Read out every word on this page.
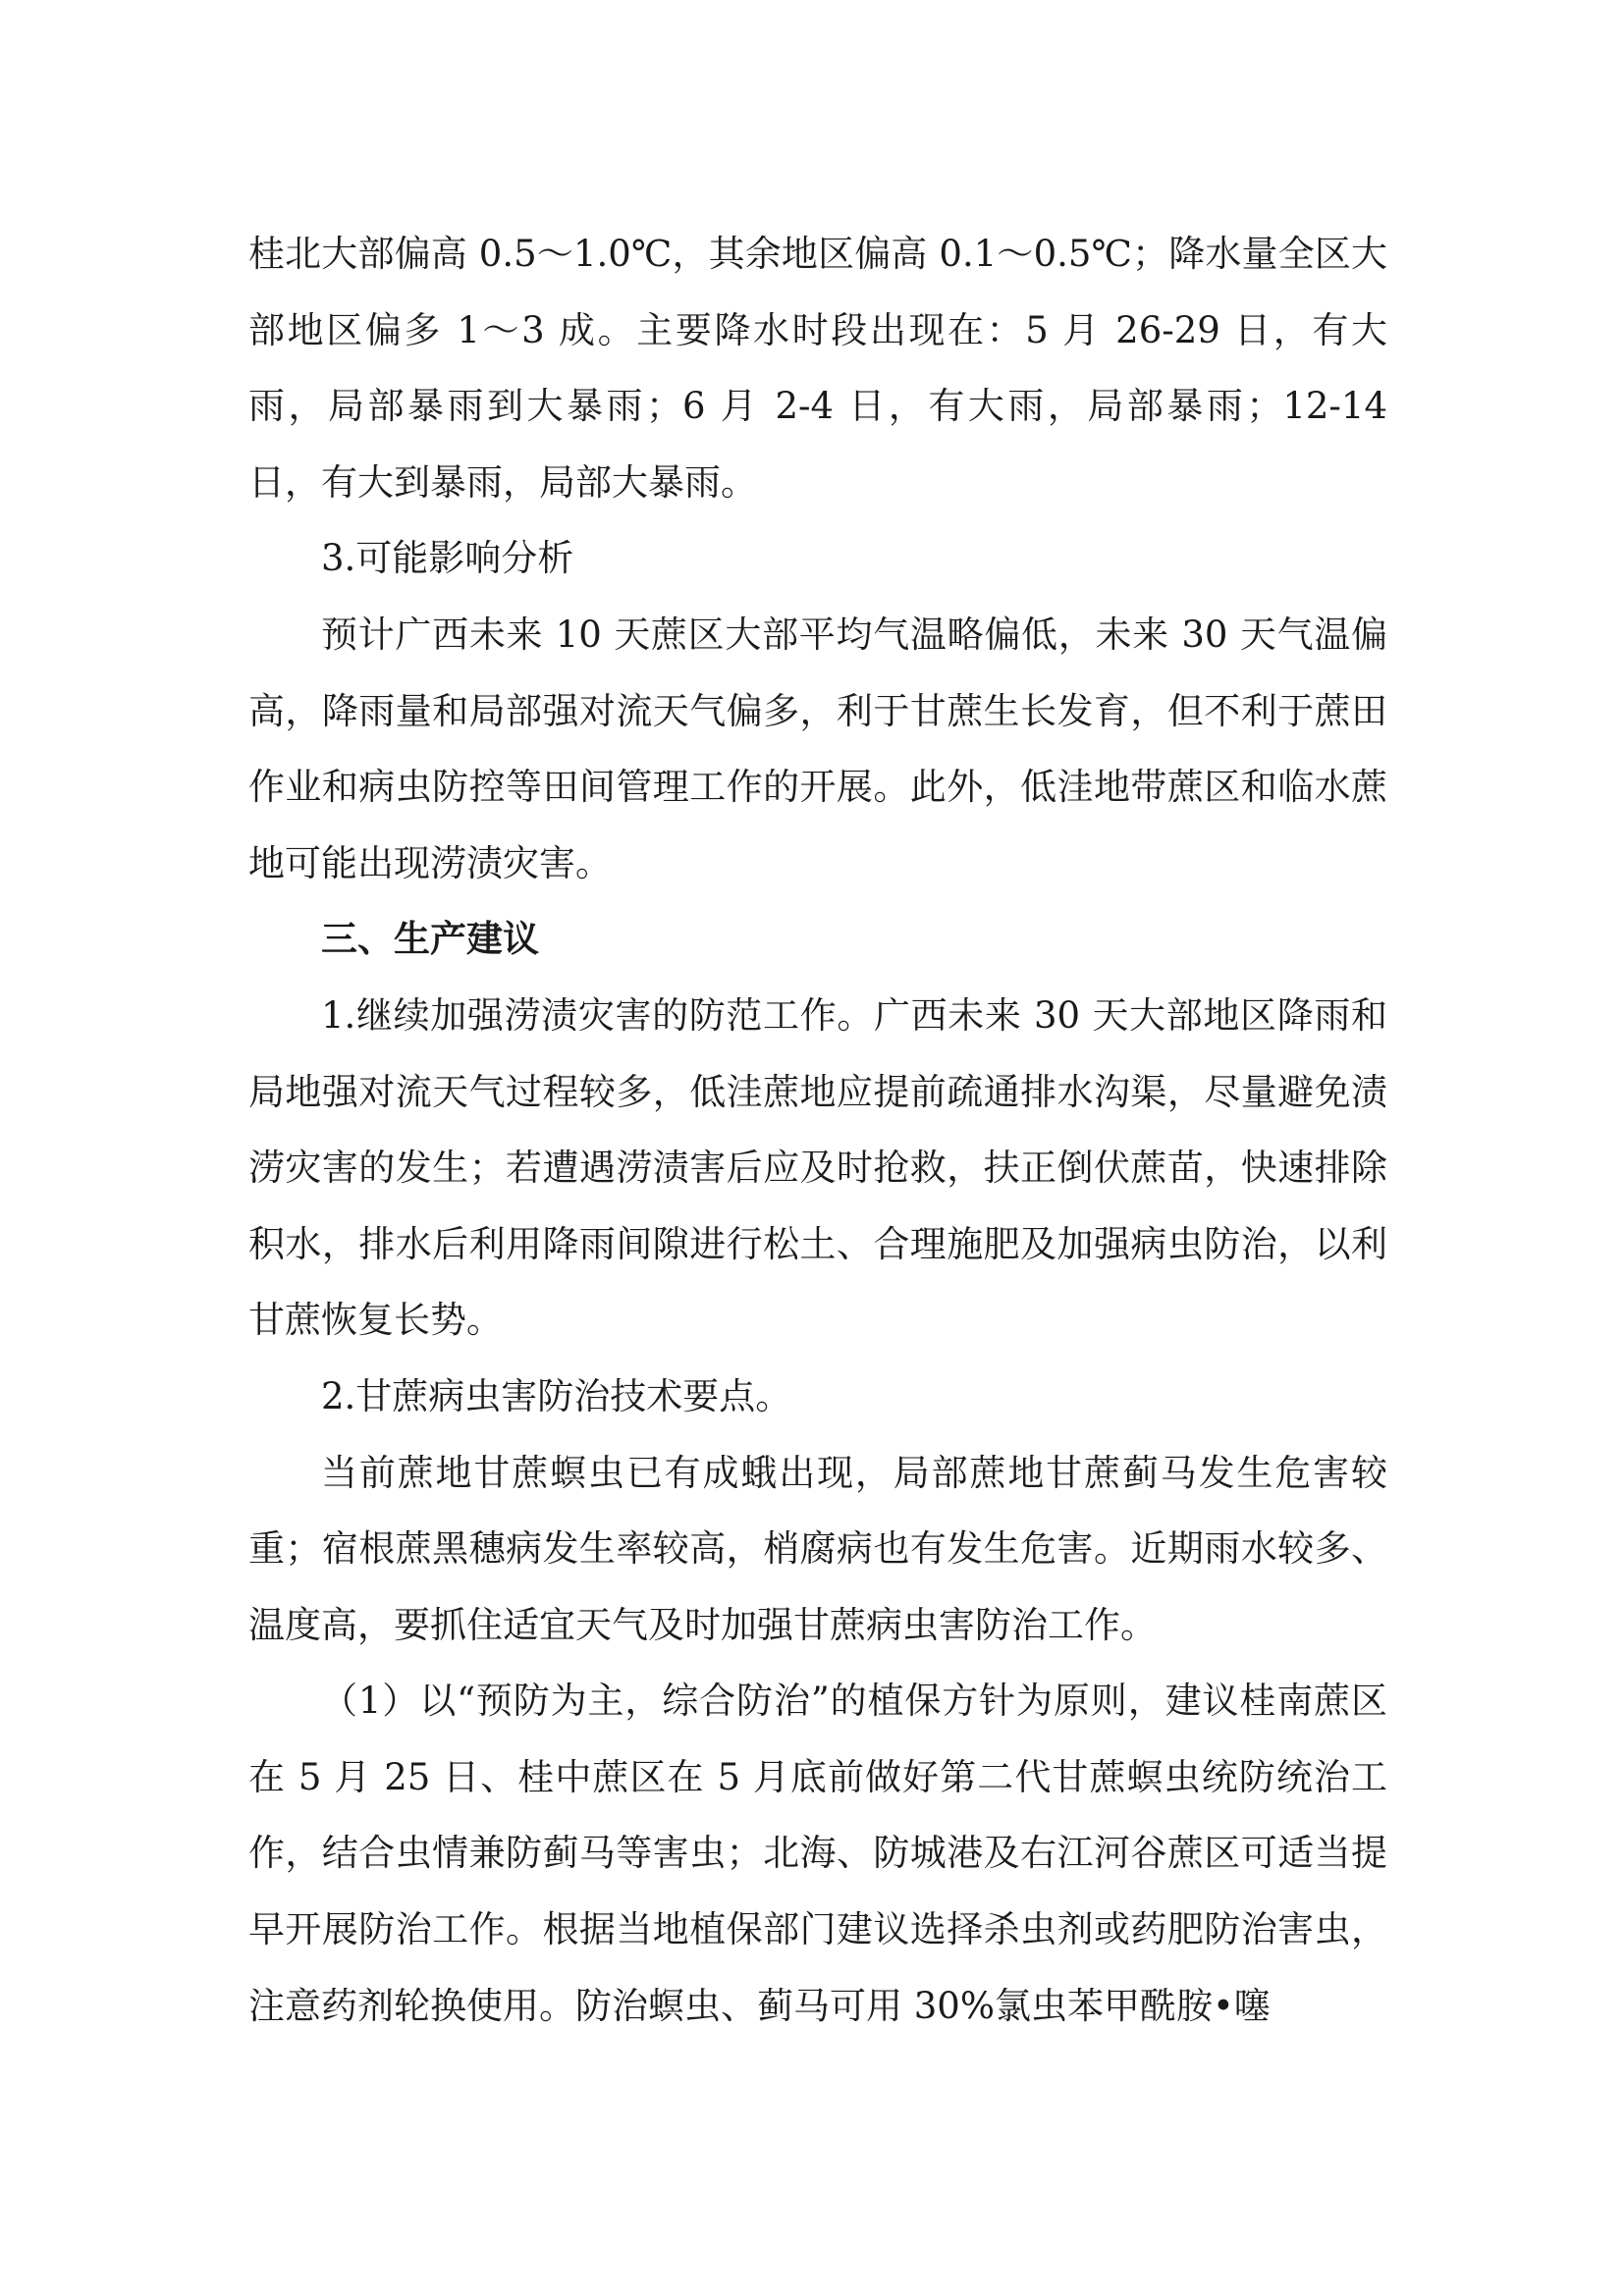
桂北大部偏高 0.5～1.0℃，其余地区偏高 0.1～0.5℃；降水量全区大部地区偏多 1～3 成。主要降水时段出现在：5 月 26-29 日，有大雨，局部暴雨到大暴雨；6 月 2-4 日，有大雨，局部暴雨；12-14 日，有大到暴雨，局部大暴雨。

3.可能影响分析

预计广西未来 10 天蔗区大部平均气温略偏低，未来 30 天气温偏高，降雨量和局部强对流天气偏多，利于甘蔗生长发育，但不利于蔗田作业和病虫防控等田间管理工作的开展。此外，低洼地带蔗区和临水蔗地可能出现涝渍灾害。

三、生产建议

1.继续加强涝渍灾害的防范工作。广西未来 30 天大部地区降雨和局地强对流天气过程较多，低洼蔗地应提前疏通排水沟渠，尽量避免渍涝灾害的发生；若遭遇涝渍害后应及时抢救，扶正倒伏蔗苗，快速排除积水，排水后利用降雨间隙进行松土、合理施肥及加强病虫防治，以利甘蔗恢复长势。

2.甘蔗病虫害防治技术要点。

当前蔗地甘蔗螟虫已有成蛾出现，局部蔗地甘蔗蓟马发生危害较重；宿根蔗黑穗病发生率较高，梢腐病也有发生危害。近期雨水较多、温度高，要抓住适宜天气及时加强甘蔗病虫害防治工作。

（1）以“预防为主，综合防治”的植保方针为原则，建议桂南蔗区在 5 月 25 日、桂中蔗区在 5 月底前做好第二代甘蔗螟虫统防统治工作，结合虫情兼防蓟马等害虫；北海、防城港及右江河谷蔗区可适当提早开展防治工作。根据当地植保部门建议选择杀虫剂或药肥防治害虫，注意药剂轮换使用。防治螟虫、蓟马可用 30%氯虫苯甲酰胺•噻
